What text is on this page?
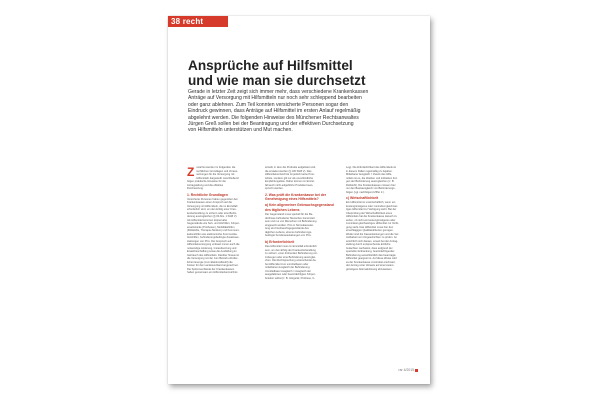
38 recht
Ansprüche auf Hilfsmittel
und wie man sie durchsetzt
Gerade in letzter Zeit zeigt sich immer mehr, dass verschiedene Krankenkassen
Anträge auf Versorgung mit Hilfsmitteln nur noch sehr schleppend bearbeiten
oder ganz ablehnen. Zum Teil konnten versicherte Personen sogar den
Eindruck gewinnen, dass Anträge auf Hilfsmittel im ersten Anlauf regelmäßig
abgelehnt werden. Die folgenden Hinweise des Münchener Rechtsanwaltes
Jürgen Greß sollen bei der Beantragung und der effektiven Durchsetzung
von Hilfsmitteln unterstützen und Mut machen.
Z unächst werden im Folgenden die
rechtlichen Grundlagen und Voraus-
setzungen für die Versorgung mit
Hilfsmitteln dargestellt. Anschließend
folgen praktische Hinweise für die
Antragstellung und die effektive
Durchsetzung.
1. Rechtliche Grundlagen
Versicherte Personen haben gegenüber den
Krankenkassen einen Anspruch auf die
Versorgung mit Hilfsmitteln, die im Einzelfall
erforderlich sind, um den Erfolg einer Kran-
kenbehandlung zu sichern oder eine Behin-
derung auszugleichen (§ 33 Abs. 1 SGB V).
Als Hilfsmittel kommen körpernahe
Gegenstände wie Seh- und Hörhilfen, Körper-
ersatzstücke (Prothesen), Mobilitätshilfen
(Rollstühle, Therapie-Tandem) und Kommuni-
kationshilfen wie elektronische Kommunika-
tionshilfen, behinderungsbedingte Zusatzaus-
stattungen von PCs. Der Anspruch auf
Hilfsmittelversorgung umfasst immer auch die
notwendige Änderung, Instandsetzung und
Ersatzbeschaffung sowie die Ausbildung im
Gebrauch des Hilfsmittels. Darüber hinaus ist
die Versorgung mit der zum Betrieb erforder-
lichen Energie (zum Elektrorollstuhl) die
Kosten für den Landesverband angerechnet.
Die Spitzenverbände der Krankenkassen
haben gemeinsam ein Hilfsmittelverzeichnis
erstellt, in dem die Produkte aufgelistet sind,
die erstattet werden (§ 139 SGB V). Das
Hilfsmittelverzeichnis ist jedoch keine Posi-
tivliste, sondern gilt nur als unverbindliche
Empfehlungsliste. Daher können im Einzel-
fall auch nicht aufgeführte Produkte bean-
sprucht werden.
2. Was prüft die Krankenkasse bei der Genehmigung eines Hilfsmittels?
a) Kein allgemeiner Gebrauchsgegenstand des täglichen Lebens
Der Gegenstand muss speziell für die Be-
dürfnisse behinderter Menschen konstruiert
sein und nur von Menschen mit Behinderung
eingesetzt werden. PCs in Normalausstat-
tung sind Gebrauchsgegenstände des
täglichen Lebens, ebenso behinderungs-
bedingte Sonderausstattungen von PCs.
b) Erforderlichkeit
Das Hilfsmittel muss im Einzelfall erforderlich
sein, um den Erfolg der Krankenbehandlung
zu sichern, einer drohenden Behinderung vor-
zubeugen oder eine Behinderung auszuglei-
chen. Die Rechtsprechung unterscheidet da-
bei Hilfsmittel zum unmittelbaren oder
mittelbaren Ausgleich der Behinderung.
Unmittelbarer Ausgleich = Ausgleich der
ausgefallenen oder beeinträchtigten Körper-
funktion selbst (z. B. Hörgerät, Prothese, C-
Leg). Die Erforderlichkeit des Hilfsmittels ist
in diesem Fällen regelmäßig zu bejahen.
Mittelbarer Ausgleich = Zweck des Hilfs-
mittels ist es, die direkten und indirekten Fol-
gen der Behinderung auszugleichen (z. B.
Rollstuhl). Die Krankenkassen müssen hier
nur den Basisausgleich von Behinderungs-
folgen (vgl. nachfolgend Ziffer 2.).
c) Wirtschaftlichkeit
Ein Hilfsmittel ist unwirtschaftlich, wenn ein
kostengünstigeres oder zumindest gleichwer-
tiges Hilfsmittel zur Verfügung steht. Bei der
Überprüfung der Wirtschaftlichkeit eines
Hilfsmittels hat die Krankenkasse danach zu
sehen, ob nicht ein kostengünstigeres aber
zumindest gleichwertiges Hilfsmittel zur Verfü-
gung steht. Das Hilfsmittel muss hier den
einschlägigen Qualitätskriterien genügen.
Weder sind die Kassenleistungen und die Ver-
tretbarkeit von Vorgeschichten zu prüfen. Ist
ersichtlich sich daraus, soweit bei der Antrag-
stellung durch entsprechende ärztliche
Gutachten nachweist, dass aufgrund der
speziellen Erkrankung, beeinträchtigender
Behinderung ausschließlich das beantragte
Hilfsmittel geeignet ist. Auf diese Weise wird
es der Krankenkasse zumindest erschwert,
den Antrag unter Hinweis auf eine kosten-
günstigere Alternativlösung abzuweisen.
rar 4/2015
